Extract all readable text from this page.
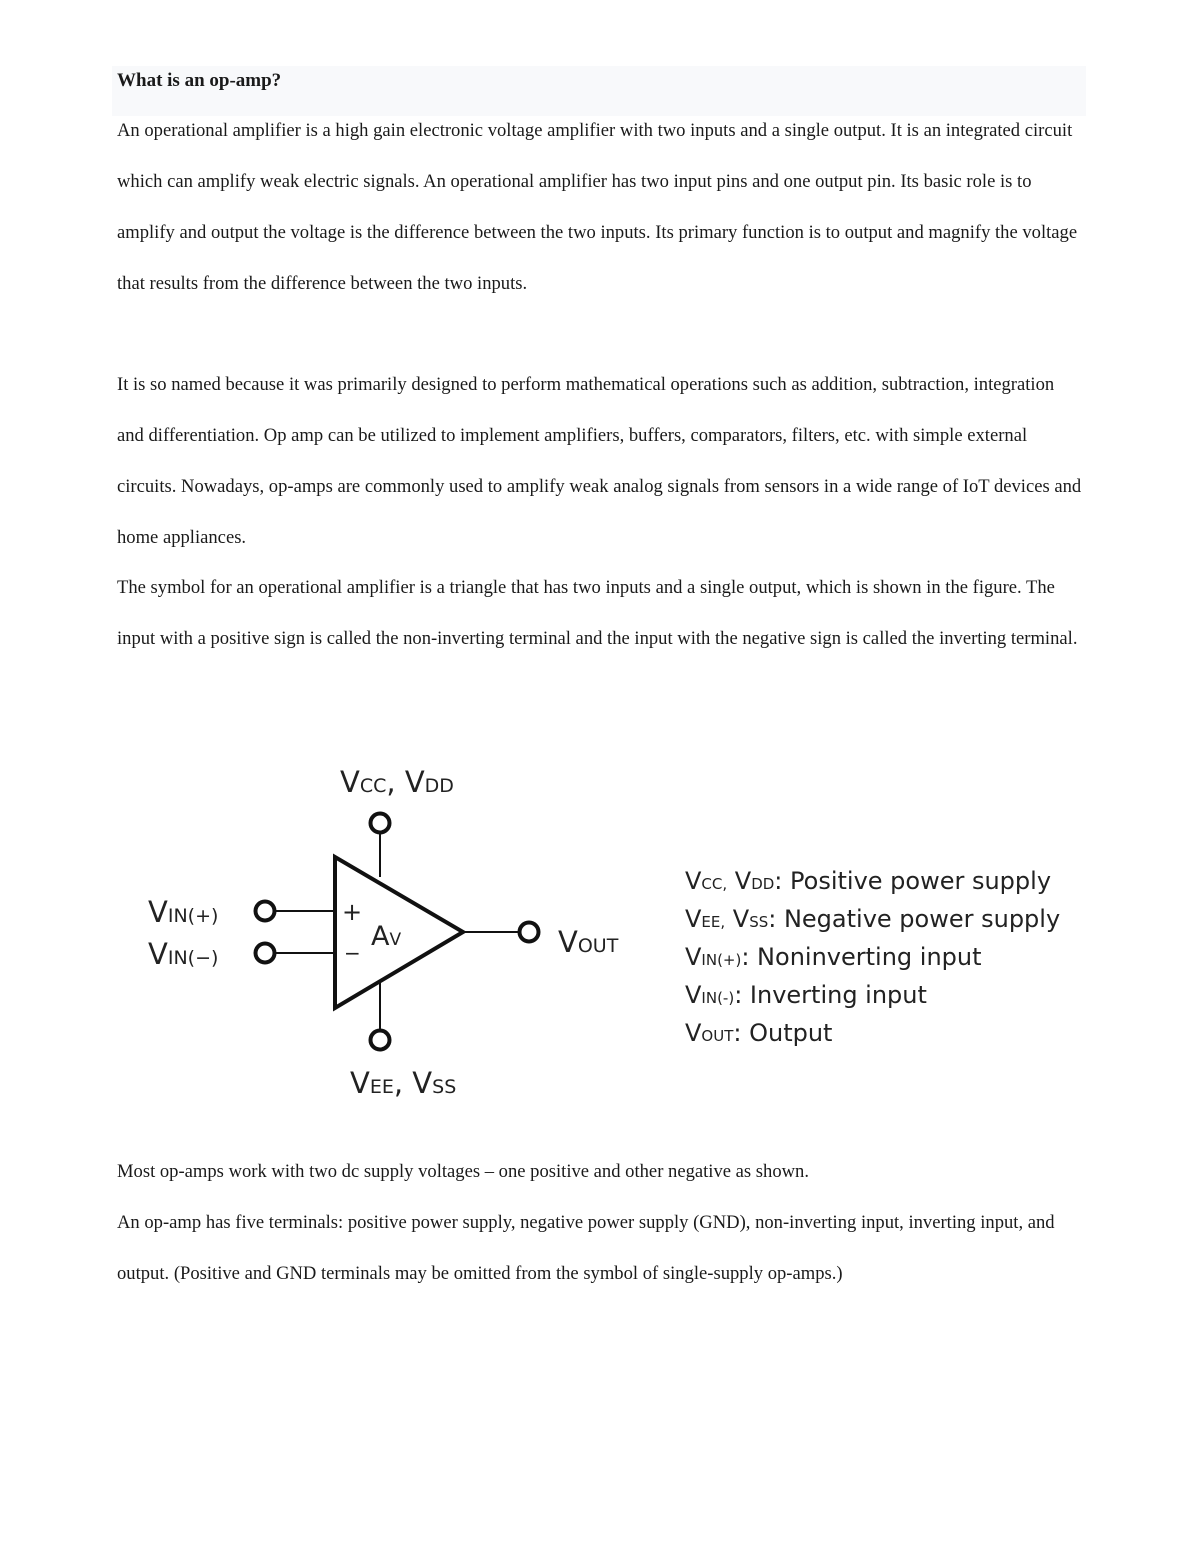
What is an op-amp?

An operational amplifier is a high gain electronic voltage amplifier with two inputs and a single output. It is an integrated circuit which can amplify weak electric signals. An operational amplifier has two input pins and one output pin. Its basic role is to amplify and output the voltage is the difference between the two inputs. Its primary function is to output and magnify the voltage that results from the difference between the two inputs.

It is so named because it was primarily designed to perform mathematical operations such as addition, subtraction, integration and differentiation. Op amp can be utilized to implement amplifiers, buffers, comparators, filters, etc. with simple external circuits. Nowadays, op-amps are commonly used to amplify weak analog signals from sensors in a wide range of IoT devices and home appliances.

The symbol for an operational amplifier is a triangle that has two inputs and a single output, which is shown in the figure. The input with a positive sign is called the non-inverting terminal and the input with the negative sign is called the inverting terminal.

VCC, VDD
VEE, VSS
VIN(+)
VIN(−)
+
−
AV	VOUT
VCC, VDD: Positive power supply
VEE, VSS: Negative power supply
VIN(+): Noninverting input
VIN(-): Inverting input
VOUT: Output

Most op-amps work with two dc supply voltages – one positive and other negative as shown.

An op-amp has five terminals: positive power supply, negative power supply (GND), non-inverting input, inverting input, and output. (Positive and GND terminals may be omitted from the symbol of single-supply op-amps.)
